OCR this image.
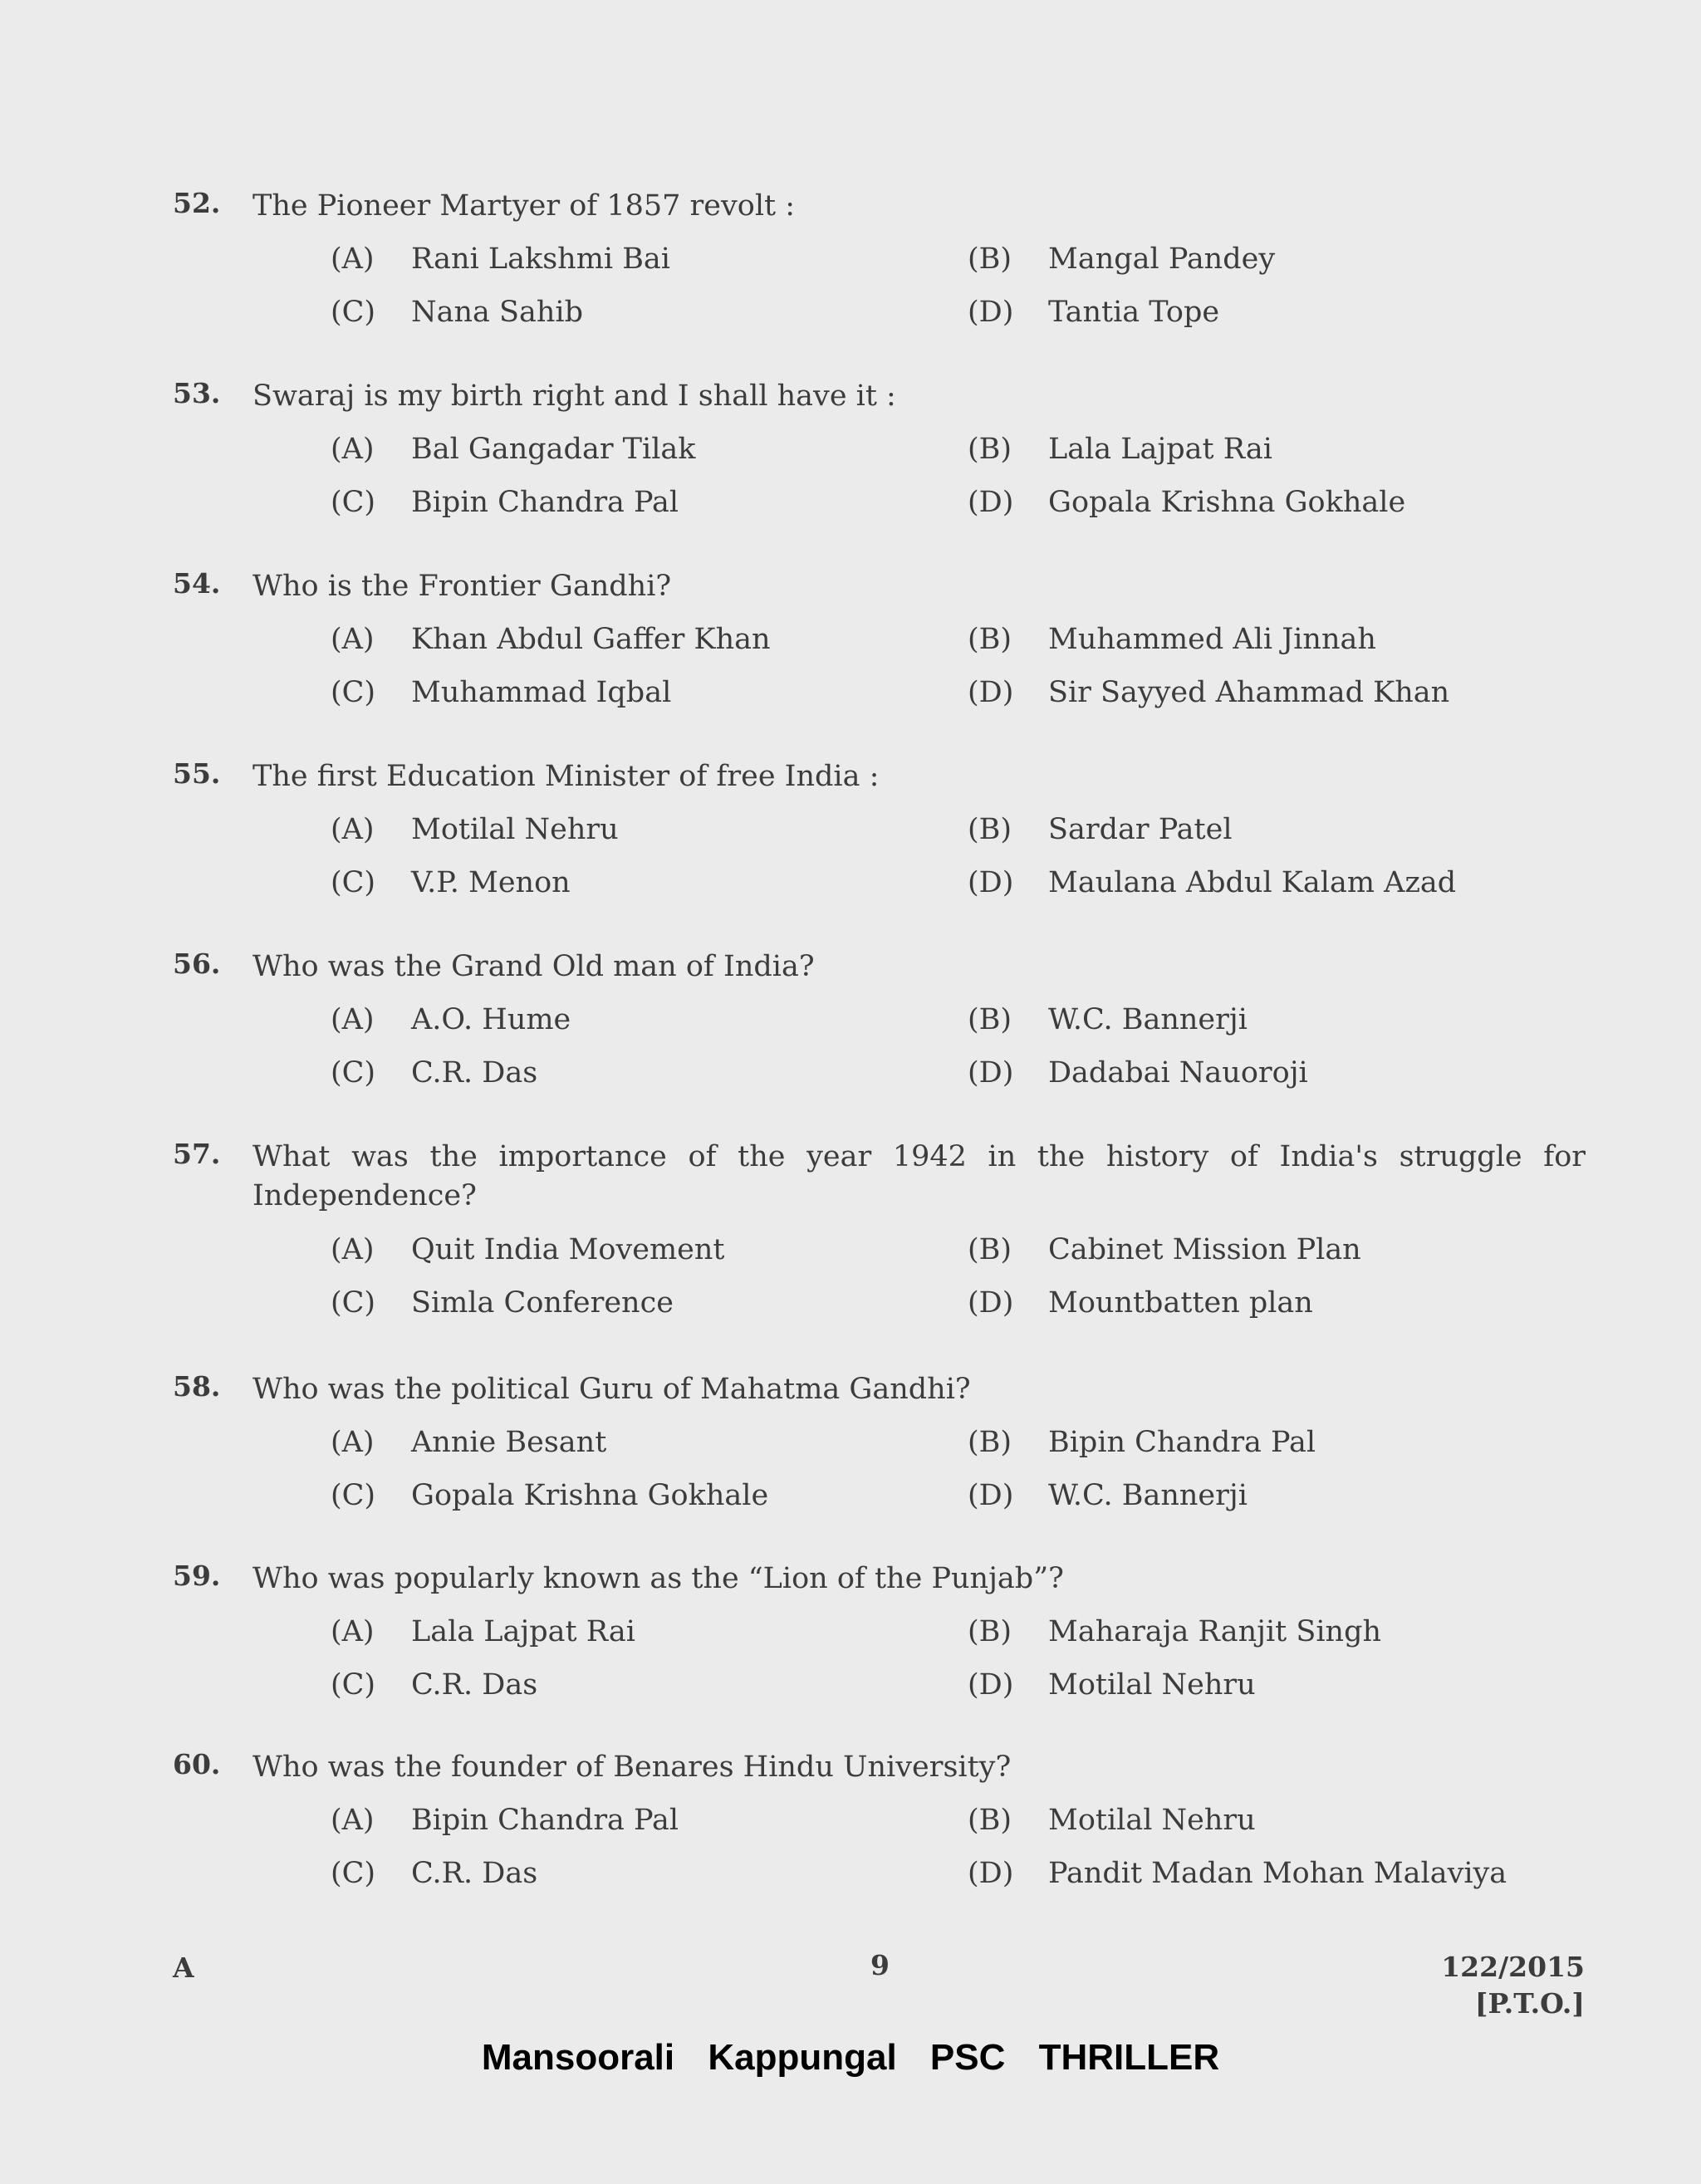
52. The Pioneer Martyer of 1857 revolt :
(A) Rani Lakshmi Bai	(B) Mangal Pandey
(C) Nana Sahib	(D) Tantia Tope
53. Swaraj is my birth right and I shall have it :
(A) Bal Gangadar Tilak	(B) Lala Lajpat Rai
(C) Bipin Chandra Pal	(D) Gopala Krishna Gokhale
54. Who is the Frontier Gandhi?
(A) Khan Abdul Gaffer Khan	(B) Muhammed Ali Jinnah
(C) Muhammad Iqbal	(D) Sir Sayyed Ahammad Khan
55. The first Education Minister of free India :
(A) Motilal Nehru	(B) Sardar Patel
(C) V.P. Menon	(D) Maulana Abdul Kalam Azad
56. Who was the Grand Old man of India?
(A) A.O. Hume	(B) W.C. Bannerji
(C) C.R. Das	(D) Dadabai Nauoroji
57. What was the importance of the year 1942 in the history of India's struggle for Independence?
(A) Quit India Movement	(B) Cabinet Mission Plan
(C) Simla Conference	(D) Mountbatten plan
58. Who was the political Guru of Mahatma Gandhi?
(A) Annie Besant	(B) Bipin Chandra Pal
(C) Gopala Krishna Gokhale	(D) W.C. Bannerji
59. Who was popularly known as the “Lion of the Punjab”?
(A) Lala Lajpat Rai	(B) Maharaja Ranjit Singh
(C) C.R. Das	(D) Motilal Nehru
60. Who was the founder of Benares Hindu University?
(A) Bipin Chandra Pal	(B) Motilal Nehru
(C) C.R. Das	(D) Pandit Madan Mohan Malaviya
A	9	122/2015
[P.T.O.]
Mansoorali Kappungal PSC THRILLER
